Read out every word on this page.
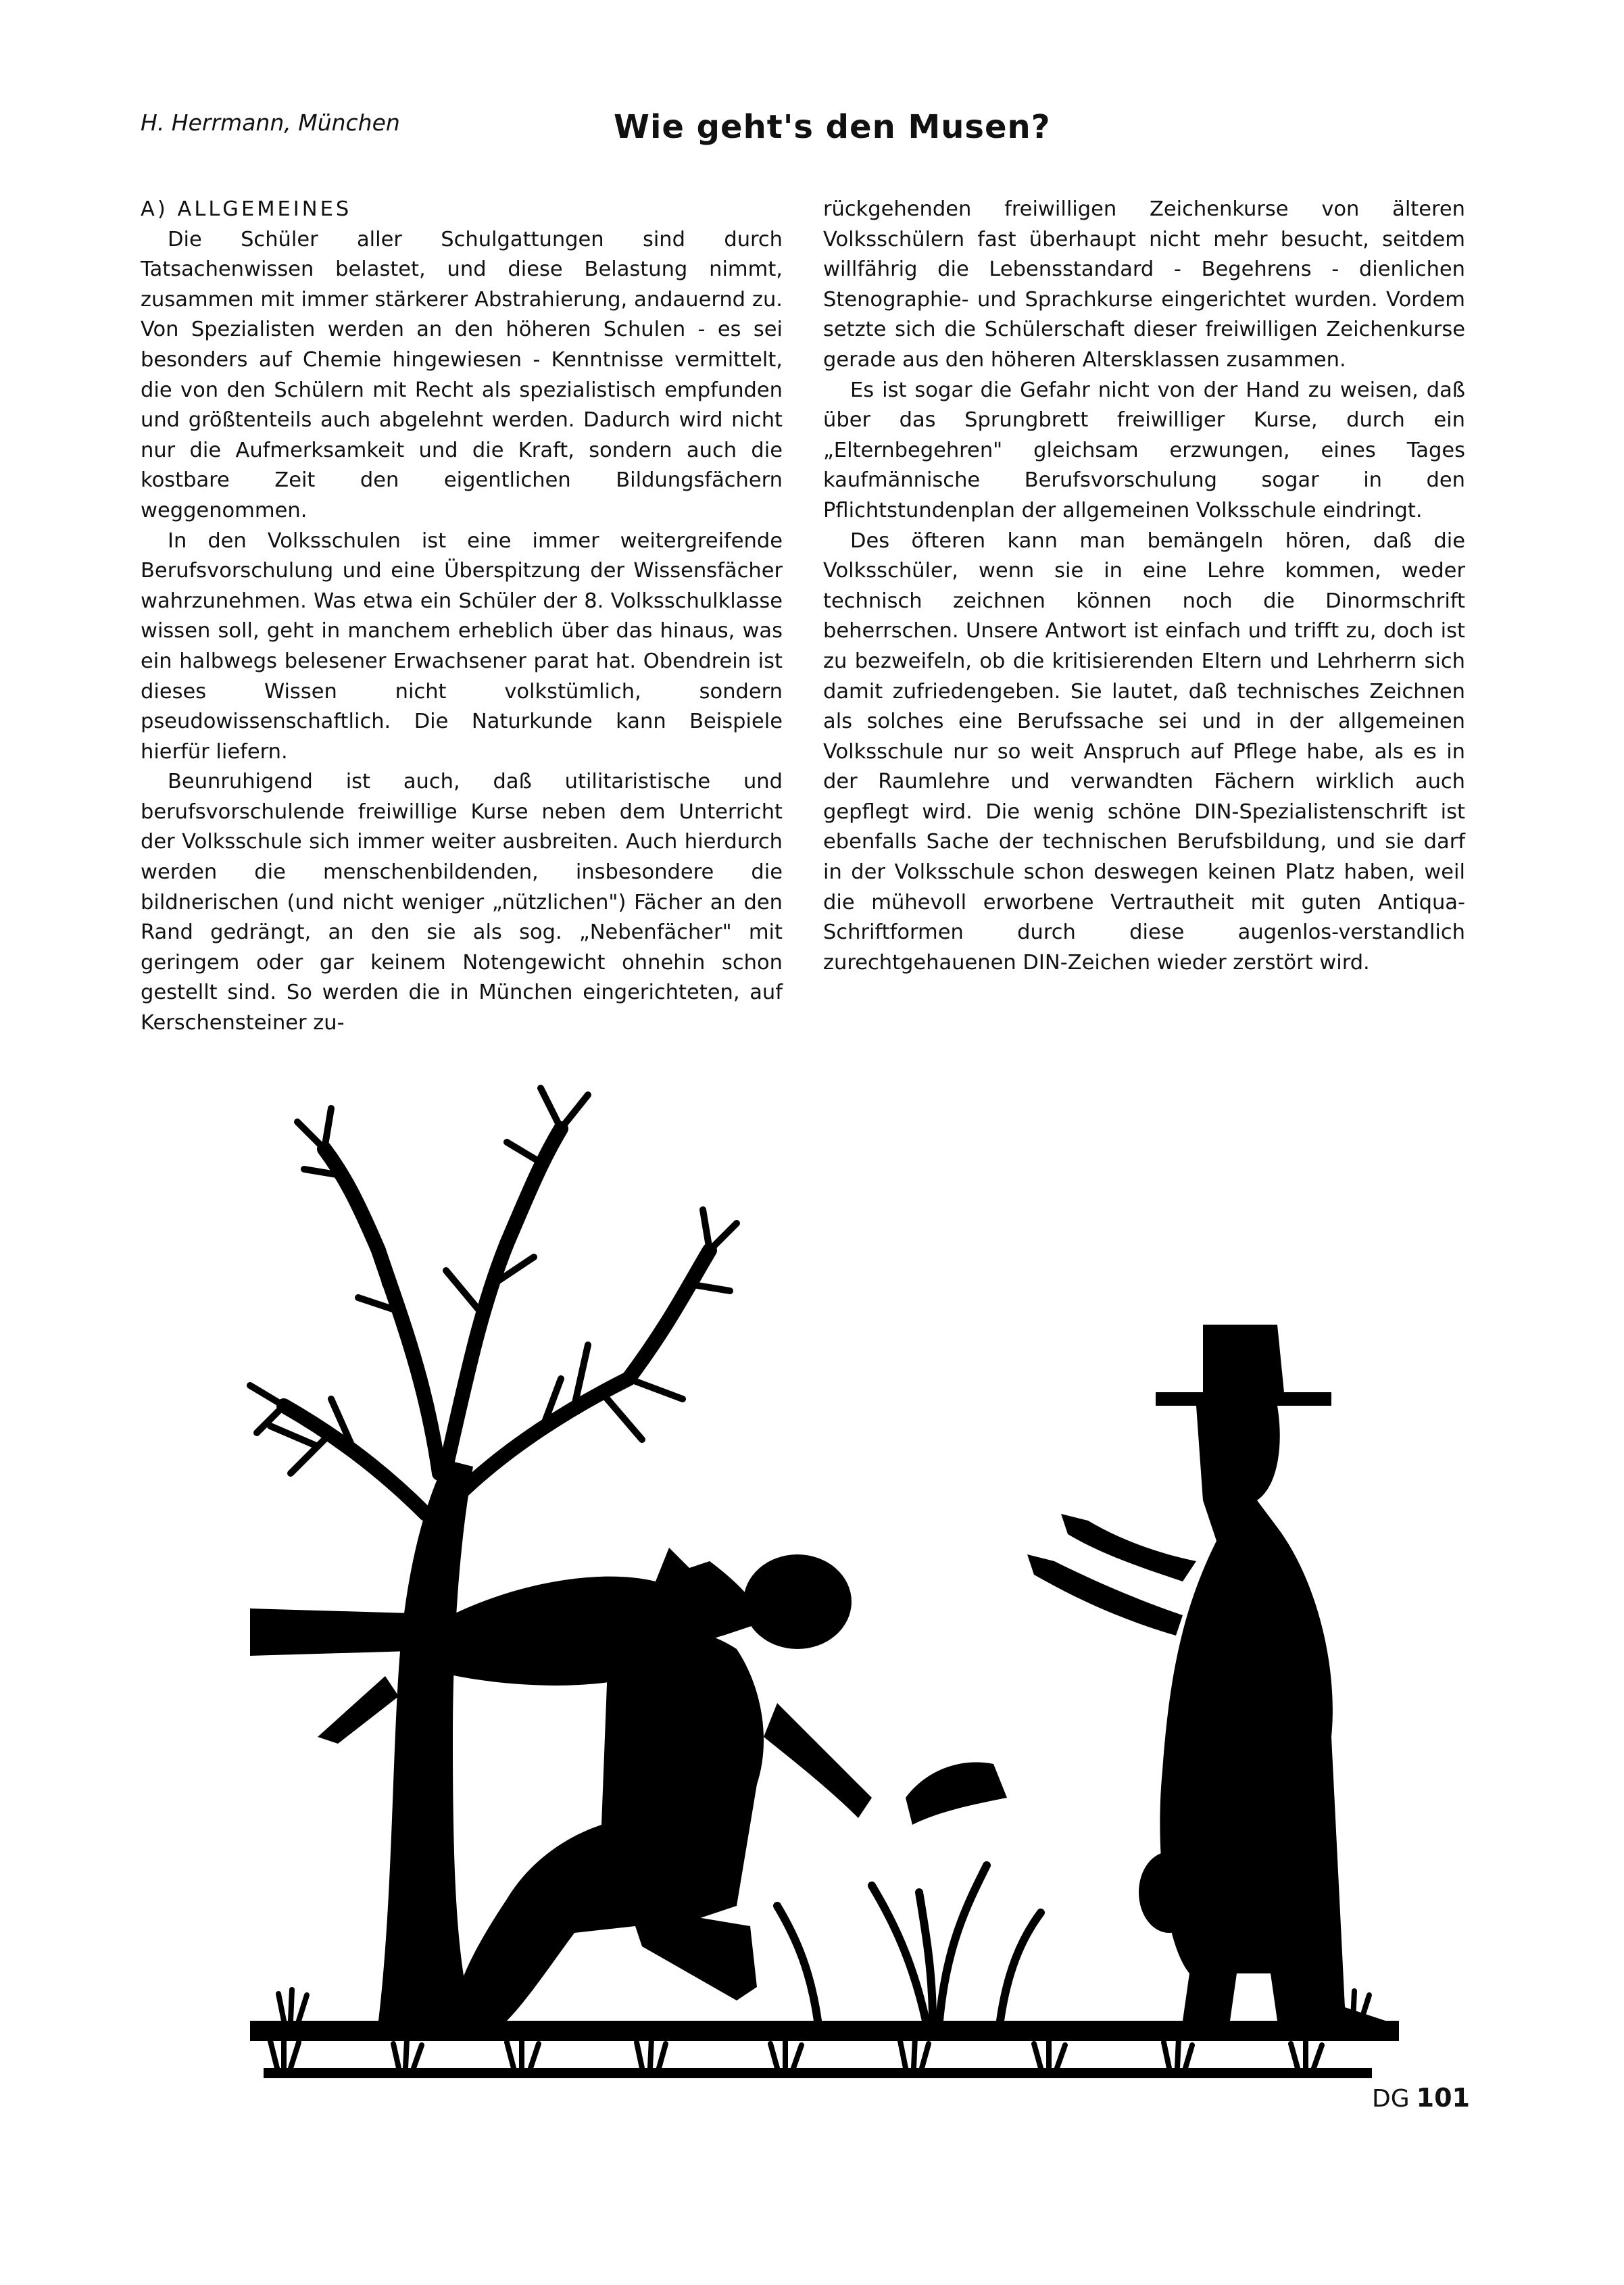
H. Herrmann, München	Wie geht's den Musen?

A) ALLGEMEINES

Die Schüler aller Schulgattungen sind durch Tatsachenwissen belastet, und diese Belastung nimmt, zusammen mit immer stärkerer Abstrahierung, andauernd zu. Von Spezialisten werden an den höheren Schulen - es sei besonders auf Chemie hingewiesen - Kenntnisse vermittelt, die von den Schülern mit Recht als spezialistisch empfunden und größtenteils auch abgelehnt werden. Dadurch wird nicht nur die Aufmerksamkeit und die Kraft, sondern auch die kostbare Zeit den eigentlichen Bildungsfächern weggenommen.

In den Volksschulen ist eine immer weitergreifende Berufsvorschulung und eine Überspitzung der Wissensfächer wahrzunehmen. Was etwa ein Schüler der 8. Volksschulklasse wissen soll, geht in manchem erheblich über das hinaus, was ein halbwegs belesener Erwachsener parat hat. Obendrein ist dieses Wissen nicht volkstümlich, sondern pseudowissenschaftlich. Die Naturkunde kann Beispiele hierfür liefern.

Beunruhigend ist auch, daß utilitaristische und berufsvorschulende freiwillige Kurse neben dem Unterricht der Volksschule sich immer weiter ausbreiten. Auch hierdurch werden die menschenbildenden, insbesondere die bildnerischen (und nicht weniger „nützlichen") Fächer an den Rand gedrängt, an den sie als sog. „Nebenfächer" mit geringem oder gar keinem Notengewicht ohnehin schon gestellt sind. So werden die in München eingerichteten, auf Kerschensteiner zu-

rückgehenden freiwilligen Zeichenkurse von älteren Volksschülern fast überhaupt nicht mehr besucht, seitdem willfährig die Lebensstandard - Begehrens - dienlichen Stenographie- und Sprachkurse eingerichtet wurden. Vordem setzte sich die Schülerschaft dieser freiwilligen Zeichenkurse gerade aus den höheren Altersklassen zusammen.

Es ist sogar die Gefahr nicht von der Hand zu weisen, daß über das Sprungbrett freiwilliger Kurse, durch ein „Elternbegehren" gleichsam erzwungen, eines Tages kaufmännische Berufsvorschulung sogar in den Pflichtstundenplan der allgemeinen Volksschule eindringt.

Des öfteren kann man bemängeln hören, daß die Volksschüler, wenn sie in eine Lehre kommen, weder technisch zeichnen können noch die Dinormschrift beherrschen. Unsere Antwort ist einfach und trifft zu, doch ist zu bezweifeln, ob die kritisierenden Eltern und Lehrherrn sich damit zufriedengeben. Sie lautet, daß technisches Zeichnen als solches eine Berufssache sei und in der allgemeinen Volksschule nur so weit Anspruch auf Pflege habe, als es in der Raumlehre und verwandten Fächern wirklich auch gepflegt wird. Die wenig schöne DIN-Spezialistenschrift ist ebenfalls Sache der technischen Berufsbildung, und sie darf in der Volksschule schon deswegen keinen Platz haben, weil die mühevoll erworbene Vertrautheit mit guten Antiqua-Schriftformen durch diese augenlos-verstandlich zurechtgehauenen DIN-Zeichen wieder zerstört wird.

DG 101
